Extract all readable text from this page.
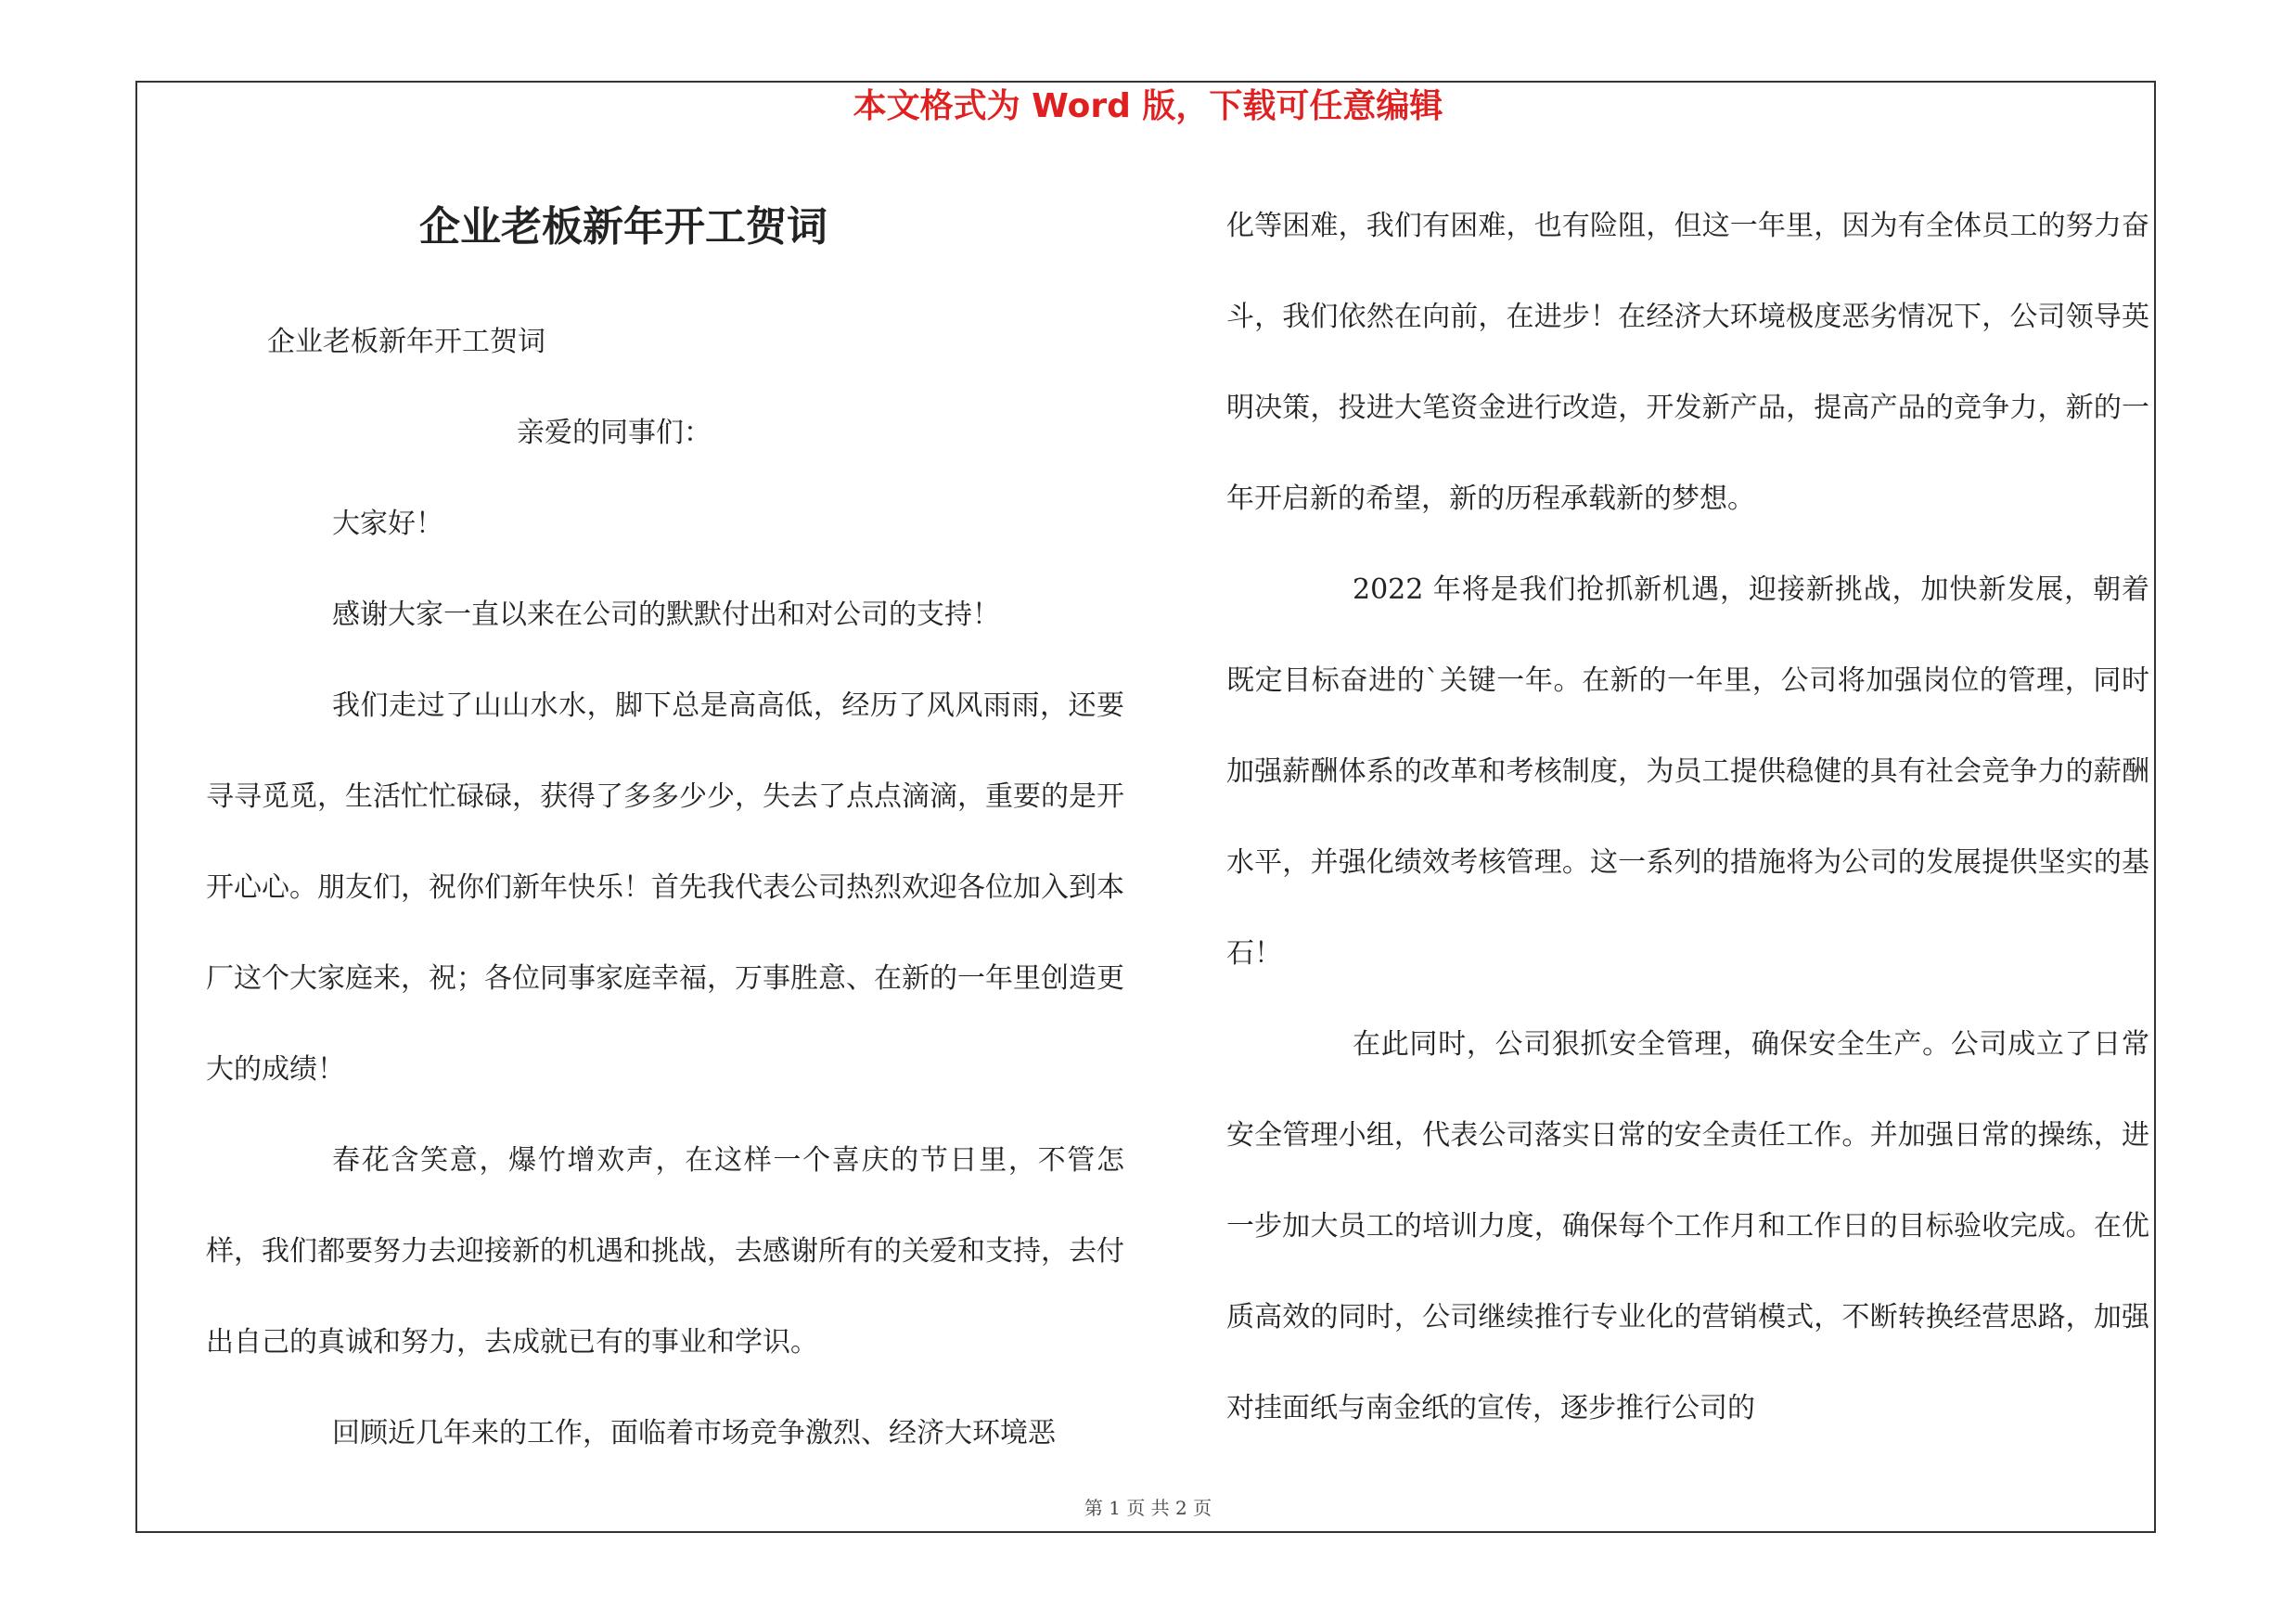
本文格式为 Word 版，下载可任意编辑
企业老板新年开工贺词

企业老板新年开工贺词

亲爱的同事们：

大家好！

感谢大家一直以来在公司的默默付出和对公司的支持！

我们走过了山山水水，脚下总是高高低，经历了风风雨雨，还要寻寻觅觅，生活忙忙碌碌，获得了多多少少，失去了点点滴滴，重要的是开开心心。朋友们，祝你们新年快乐！首先我代表公司热烈欢迎各位加入到本厂这个大家庭来，祝；各位同事家庭幸福，万事胜意、在新的一年里创造更大的成绩！

春花含笑意，爆竹增欢声，在这样一个喜庆的节日里，不管怎样，我们都要努力去迎接新的机遇和挑战，去感谢所有的关爱和支持，去付出自己的真诚和努力，去成就已有的事业和学识。

回顾近几年来的工作，面临着市场竞争激烈、经济大环境恶

化等困难，我们有困难，也有险阻，但这一年里，因为有全体员工的努力奋斗，我们依然在向前，在进步！在经济大环境极度恶劣情况下，公司领导英明决策，投进大笔资金进行改造，开发新产品，提高产品的竞争力，新的一年开启新的希望，新的历程承载新的梦想。

2022 年将是我们抢抓新机遇，迎接新挑战，加快新发展，朝着既定目标奋进的`关键一年。在新的一年里，公司将加强岗位的管理，同时加强薪酬体系的改革和考核制度，为员工提供稳健的具有社会竞争力的薪酬水平，并强化绩效考核管理。这一系列的措施将为公司的发展提供坚实的基石！

在此同时，公司狠抓安全管理，确保安全生产。公司成立了日常安全管理小组，代表公司落实日常的安全责任工作。并加强日常的操练，进一步加大员工的培训力度，确保每个工作月和工作日的目标验收完成。在优质高效的同时，公司继续推行专业化的营销模式，不断转换经营思路，加强对挂面纸与南金纸的宣传，逐步推行公司的

第 1 页 共 2 页
